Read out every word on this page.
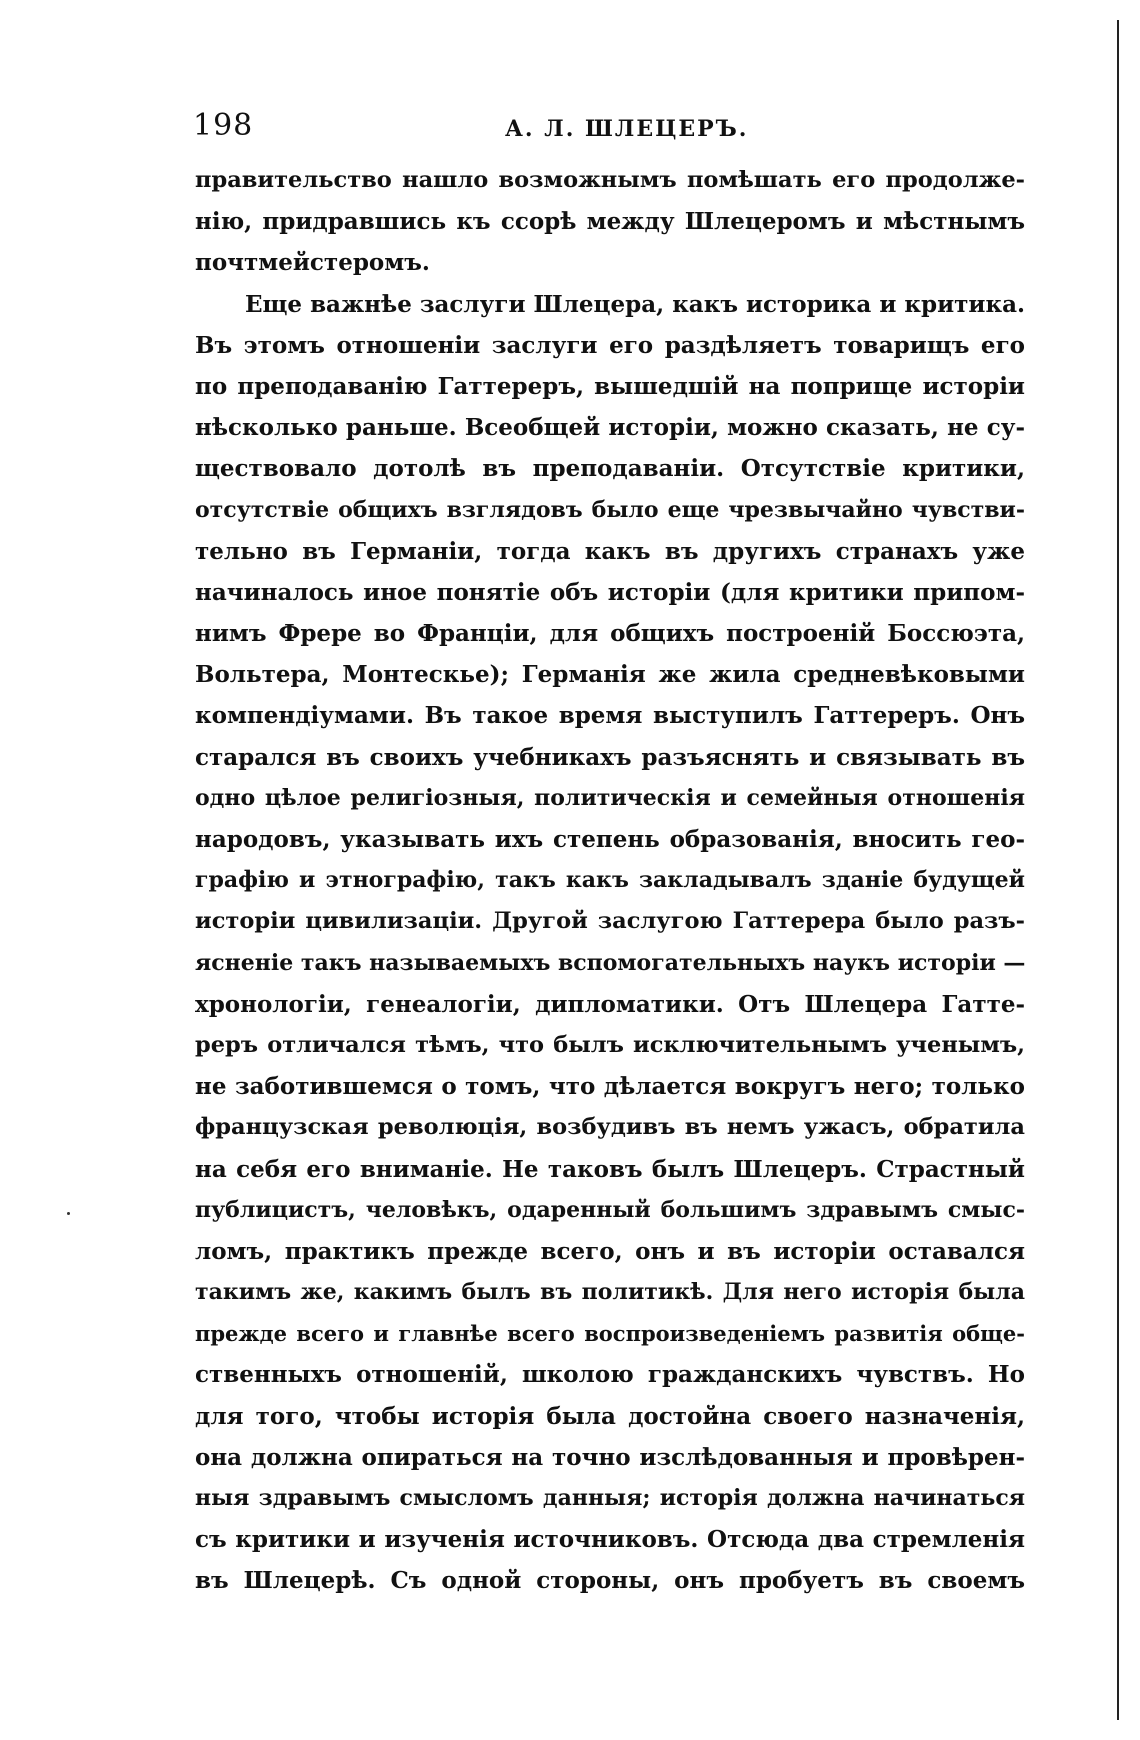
198	А. Л. ШЛЕЦЕРЪ.
правительство нашло возможнымъ помѣшать его продолже-
нію, придравшись къ ссорѣ между Шлецеромъ и мѣстнымъ
почтмейстеромъ.
Еще важнѣе заслуги Шлецера, какъ историка и критика.
Въ этомъ отношеніи заслуги его раздѣляетъ товарищъ его
по преподаванію Гаттерeръ, вышедшій на поприще исторіи
нѣсколько раньше. Всеобщей исторіи, можно сказать, не су-
ществовало дотолѣ въ преподаваніи. Отсутствіе критики,
отсутствіе общихъ взглядовъ было еще чрезвычайно чувстви-
тельно въ Германіи, тогда какъ въ другихъ странахъ уже
начиналось иное понятіе объ исторіи (для критики припом-
нимъ Фрере во Франціи, для общихъ построеній Боссюэта,
Вольтера, Монтескье); Германія же жила средневѣковыми
компендіумами. Въ такое время выступилъ Гаттерeръ. Онъ
старался въ своихъ учебникахъ разъяснять и связывать въ
одно цѣлое религіозныя, политическія и семейныя отношенія
народовъ, указывать ихъ степень образованія, вносить гео-
графію и этнографію, такъ какъ закладывалъ зданіе будущей
исторіи цивилизаціи. Другой заслугою Гаттерера было разъ-
ясненіе такъ называемыхъ вспомогательныхъ наукъ исторіи —
хронологіи, генеалогіи, дипломатики. Отъ Шлецера Гатте-
реръ отличался тѣмъ, что былъ исключительнымъ ученымъ,
не заботившемся о томъ, что дѣлается вокругъ него; только
французская революція, возбудивъ въ немъ ужасъ, обратила
на себя его вниманіе. Не таковъ былъ Шлецеръ. Страстный
публицистъ, человѣкъ, одаренный большимъ здравымъ смыс-
ломъ, практикъ прежде всего, онъ и въ исторіи оставался
такимъ же, какимъ былъ въ политикѣ. Для него исторія была
прежде всего и главнѣе всего воспроизведеніемъ развитія обще-
ственныхъ отношеній, школою гражданскихъ чувствъ. Но
для того, чтобы исторія была достойна своего назначенія,
она должна опираться на точно изслѣдованныя и провѣрен-
ныя здравымъ смысломъ данныя; исторія должна начинаться
съ критики и изученія источниковъ. Отсюда два стремленія
въ Шлецерѣ. Съ одной стороны, онъ пробуетъ въ своемъ
